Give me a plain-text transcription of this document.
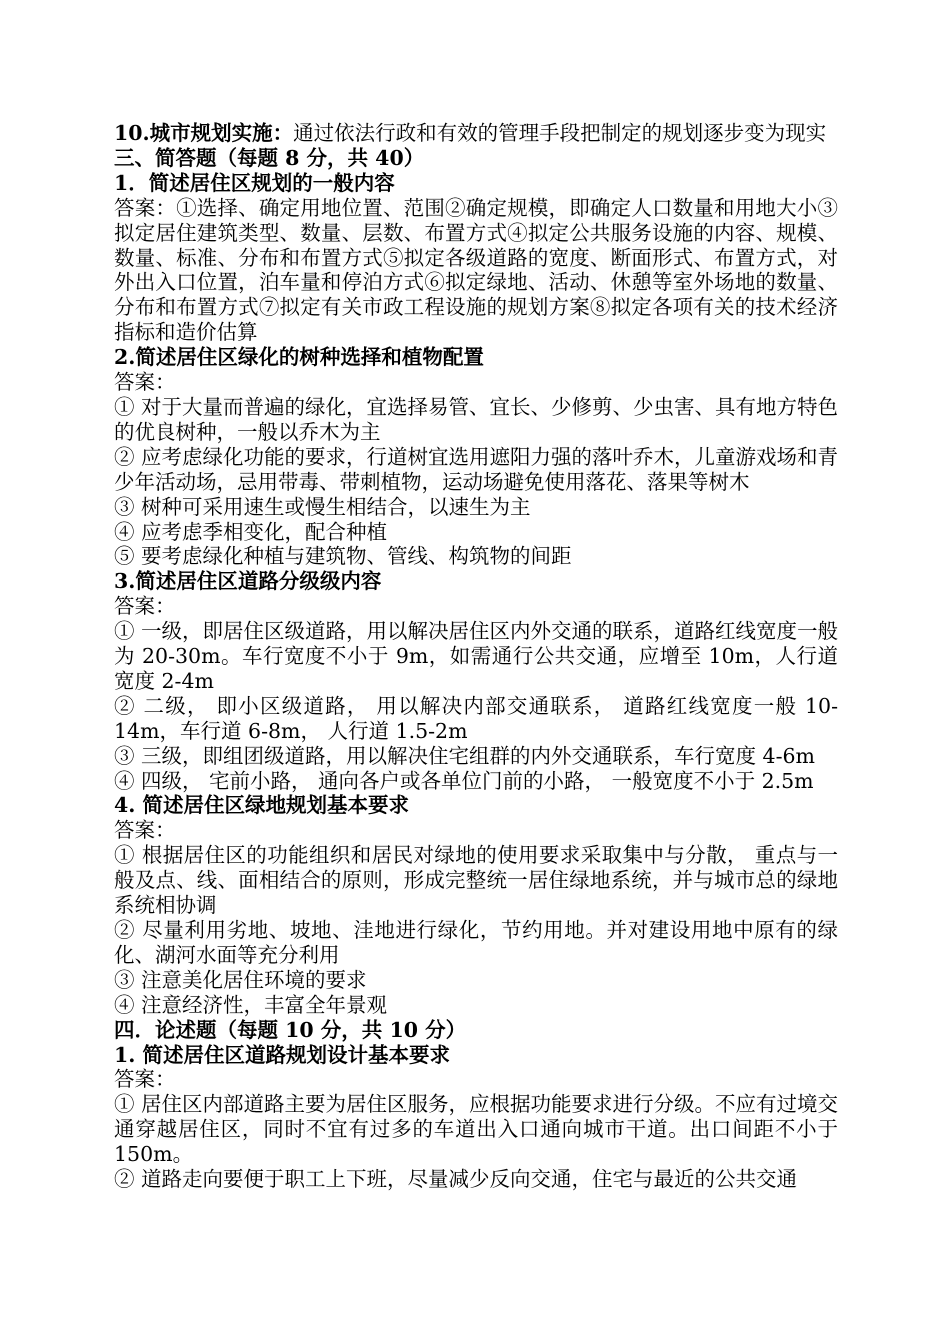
10.城市规划实施：通过依法行政和有效的管理手段把制定的规划逐步变为现实

三、简答题（每题 8 分，共 40）

1．简述居住区规划的一般内容

答案：①选择、确定用地位置、范围②确定规模，即确定人口数量和用地大小③拟定居住建筑类型、数量、层数、布置方式④拟定公共服务设施的内容、规模、数量、标准、分布和布置方式⑤拟定各级道路的宽度、断面形式、布置方式，对外出入口位置，泊车量和停泊方式⑥拟定绿地、活动、休憩等室外场地的数量、分布和布置方式⑦拟定有关市政工程设施的规划方案⑧拟定各项有关的技术经济指标和造价估算

2.简述居住区绿化的树种选择和植物配置

答案：

① 对于大量而普遍的绿化，宜选择易管、宜长、少修剪、少虫害、具有地方特色的优良树种，一般以乔木为主

② 应考虑绿化功能的要求，行道树宜选用遮阳力强的落叶乔木，儿童游戏场和青少年活动场，忌用带毒、带刺植物，运动场避免使用落花、落果等树木

③ 树种可采用速生或慢生相结合，以速生为主

④ 应考虑季相变化，配合种植

⑤ 要考虑绿化种植与建筑物、管线、构筑物的间距

3.简述居住区道路分级级内容

答案：

① 一级，即居住区级道路，用以解决居住区内外交通的联系，道路红线宽度一般为 20-30m。车行宽度不小于 9m，如需通行公共交通，应增至 10m，人行道宽度 2-4m

② 二级， 即小区级道路， 用以解决内部交通联系， 道路红线宽度一般 10-14m，车行道 6-8m， 人行道 1.5-2m

③ 三级，即组团级道路，用以解决住宅组群的内外交通联系，车行宽度 4-6m

④ 四级， 宅前小路， 通向各户或各单位门前的小路， 一般宽度不小于 2.5m

4. 简述居住区绿地规划基本要求

答案：

① 根据居住区的功能组织和居民对绿地的使用要求采取集中与分散， 重点与一般及点、线、面相结合的原则，形成完整统一居住绿地系统，并与城市总的绿地系统相协调

② 尽量利用劣地、坡地、洼地进行绿化，节约用地。并对建设用地中原有的绿化、湖河水面等充分利用

③ 注意美化居住环境的要求

④ 注意经济性，丰富全年景观

四．论述题（每题 10 分，共 10 分）

1. 简述居住区道路规划设计基本要求

答案：

① 居住区内部道路主要为居住区服务，应根据功能要求进行分级。不应有过境交通穿越居住区，同时不宜有过多的车道出入口通向城市干道。出口间距不小于 150m。

② 道路走向要便于职工上下班，尽量减少反向交通，住宅与最近的公共交通
